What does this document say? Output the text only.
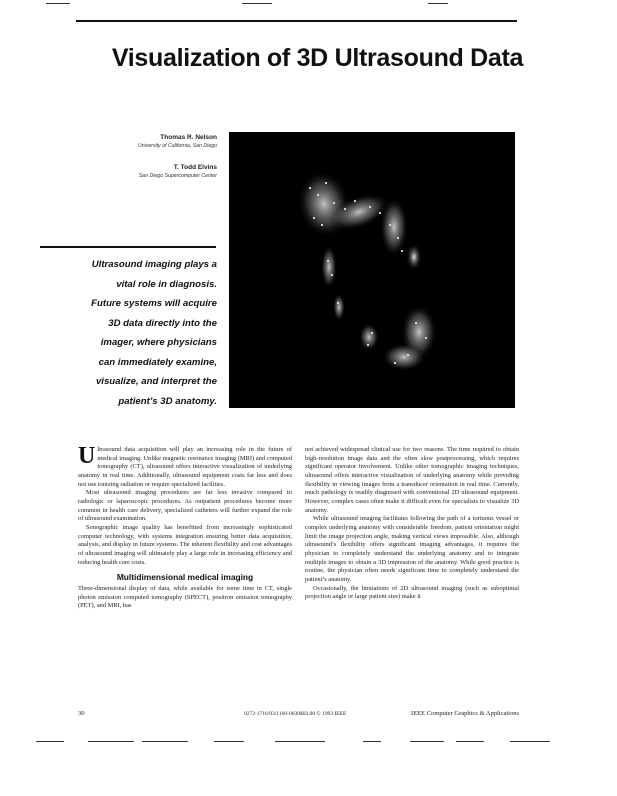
Visualization of 3D Ultrasound Data
Thomas R. Nelson
University of California, San Diego
T. Todd Elvins
San Diego Supercomputer Center
Ultrasound imaging plays a
vital role in diagnosis.
Future systems will acquire
3D data directly into the
imager, where physicians
can immediately examine,
visualize, and interpret the
patient’s 3D anatomy.

Ultrasound data acquisition will play an increasing role in the future of medical imaging. Unlike magnetic resonance imaging (MRI) and computed tomography (CT), ultrasound offers interactive visualization of underlying anatomy in real time. Additionally, ultrasound equipment costs far less and does not use ionizing radiation or require specialized facilities.

Most ultrasound imaging procedures are far less invasive compared to radiologic or laparoscopic procedures. As outpatient procedures become more common in health care delivery, specialized catheters will further expand the role of ultrasound examination.

Sonographic image quality has benefitted from increasingly sophisticated computer technology, with systems integration ensuring better data acquisition, analysis, and display in future systems. The inherent flexibility and cost advantages of ultrasound imaging will ultimately play a large role in increasing efficiency and reducing health care costs.

Multidimensional medical imaging

Three-dimensional display of data, while available for some time in CT, single photon emission computed tomography (SPECT), positron emission tomography (PET), and MRI, has

not achieved widespread clinical use for two reasons. The time required to obtain high-resolution image data and the often slow postprocessing, which requires significant operator involvement. Unlike other tomographic imaging techniques, ultrasound offers interactive visualization of underlying anatomy while providing flexibility in viewing images from a transducer orientation in real time. Currently, much pathology is readily diagnosed with conventional 2D ultrasound equipment. However, complex cases often make it difficult even for specialists to visualize 3D anatomy.

While ultrasound imaging facilitates following the path of a tortuous vessel or complex underlying anatomy with considerable freedom, patient orientation might limit the image projection angle, making vertical views impossible. Also, although ultrasound’s flexibility offers significant imaging advantages, it requires the physician to completely understand the underlying anatomy and to integrate multiple images to obtain a 3D impression of the anatomy. While good practice is routine, the physician often needs significant time to completely understand the patient’s anatomy.

Occasionally, the limitations of 2D ultrasound imaging (such as suboptimal projection angle or large patient size) make it

30	0272-1716/93/1100-0030$03.00 © 1993 IEEE	IEEE Computer Graphics & Applications
